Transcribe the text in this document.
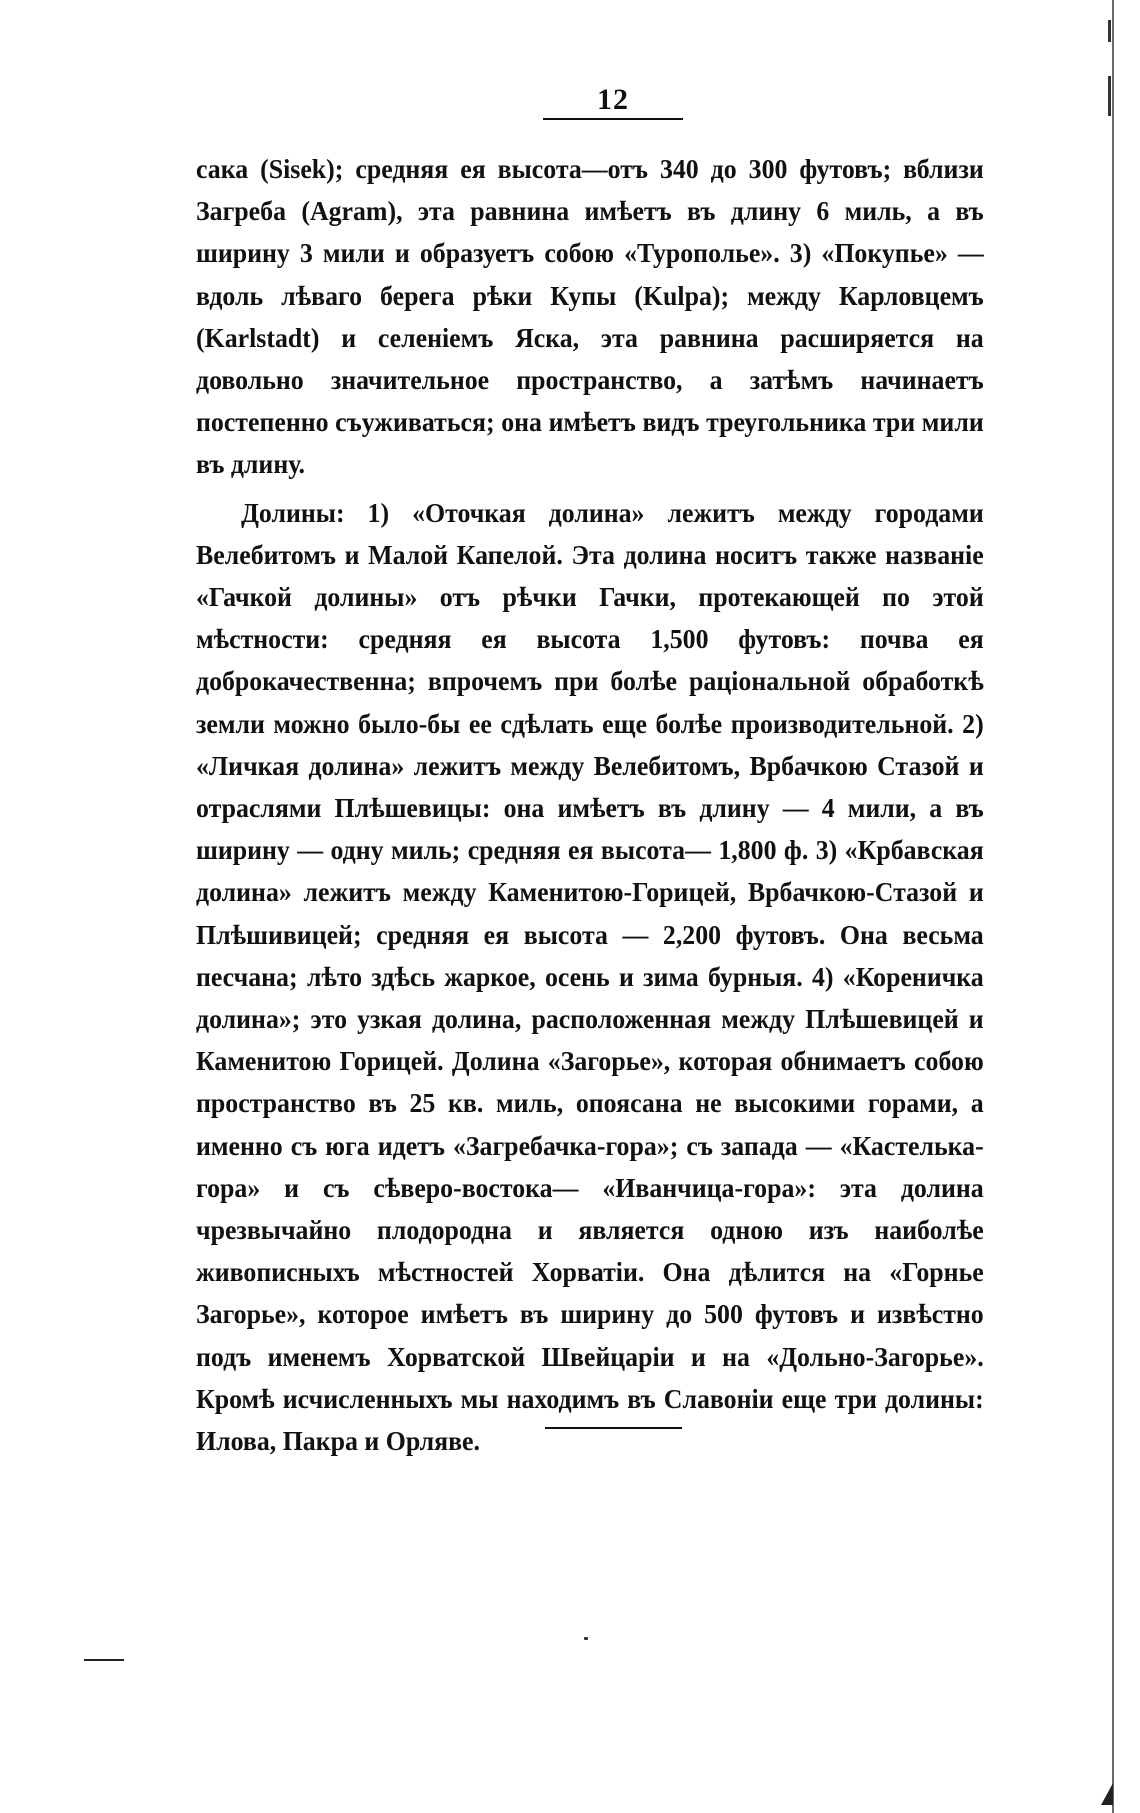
12

сака (Sisek); средняя ея высота—отъ 340 до 300 футовъ; вблизи Загреба (Agram), эта равнина имѣетъ въ длину 6 миль, а въ ширину 3 мили и образуетъ собою «Туропольe». 3) «Покупьe» —вдоль лѣваго берега рѣки Купы (Kulpa); между Карловцемъ (Karlstadt) и селеніемъ Яска, эта равнина расширяется на довольно значительное пространство, а затѣмъ начинаетъ постепенно съуживаться; она имѣетъ видъ треугольника три мили въ длину.

Долины: 1) «Оточкая долина» лежитъ между городами Велебитомъ и Малой Капелой. Эта долина носитъ также названіе «Гачкой долины» отъ рѣчки Гачки, протекающей по этой мѣстности: средняя ея высота 1,500 футовъ: почва ея доброкачественна; впрочемъ при болѣе раціональной обработкѣ земли можно было-бы ее сдѣлать еще болѣе производительной. 2) «Личкая долина» лежитъ между Велебитомъ, Врбачкою Стазой и отраслями Плѣшевицы: она имѣетъ въ длину — 4 мили, а въ ширину — одну миль; средняя ея высота— 1,800 ф. 3) «Крбавская долина» лежитъ между Каменитою-Горицей, Врбачкою-Стазой и Плѣшивицей; средняя ея высота — 2,200 футовъ. Она весьма песчана; лѣто здѣсь жаркое, осень и зима бурныя. 4) «Кореничка долина»; это узкая долина, расположенная между Плѣшевицей и Каменитою Горицей. Долина «Загорье», которая обнимаетъ собою пространство въ 25 кв. миль, опоясана не высокими горами, а именно съ юга идетъ «Загребачка-гора»; съ запада — «Кастелька-гора» и съ сѣверо-востока— «Иванчица-гора»: эта долина чрезвычайно плодородна и является одною изъ наиболѣе живописныхъ мѣстностей Хорватіи. Она дѣлится на «Горнье Загорье», которое имѣетъ въ ширину до 500 футовъ и извѣстно подъ именемъ Хорватской Швейцаріи и на «Дольно-Загорье». Кромѣ исчисленныхъ мы находимъ въ Славоніи еще три долины: Илова, Пакра и Орляве.
